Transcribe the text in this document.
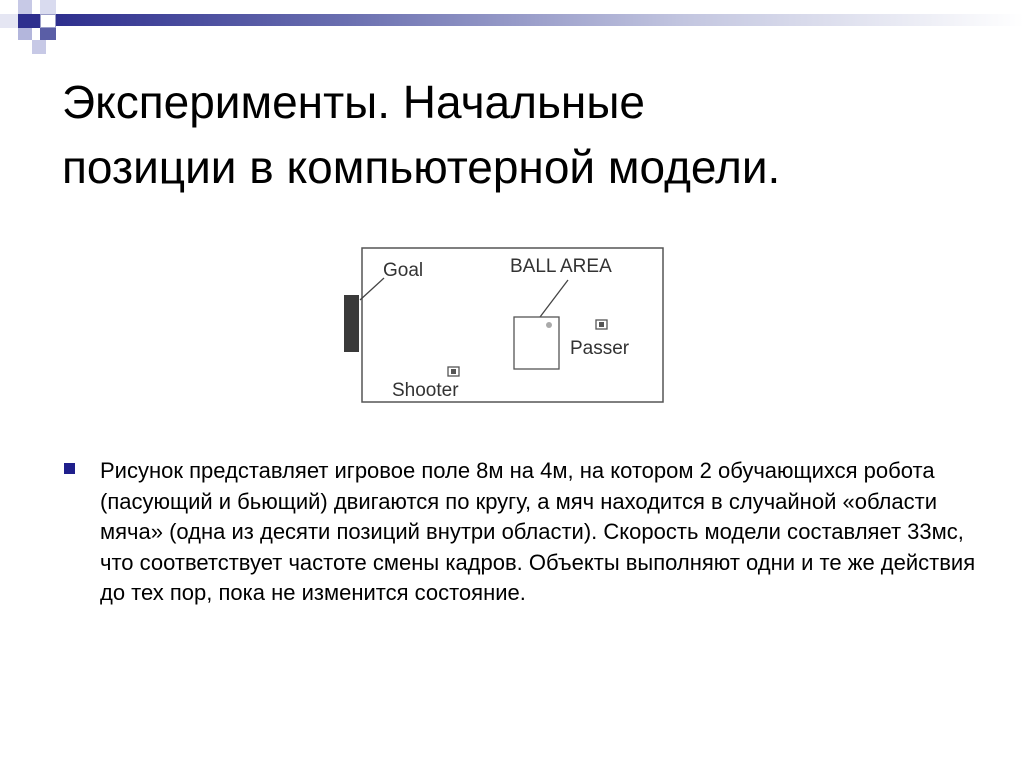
Эксперименты. Начальные
позиции в компьютерной модели.
Goal	BALL AREA
Passer
Shooter

Рисунок представляет игровое поле 8м на 4м, на котором 2 обучающихся робота (пасующий и бьющий) двигаются по кругу, а мяч находится в случайной «области мяча» (одна из десяти позиций внутри области). Скорость модели составляет 33мс, что соответствует частоте смены кадров. Объекты выполняют одни и те же действия до тех пор, пока не изменится состояние.
